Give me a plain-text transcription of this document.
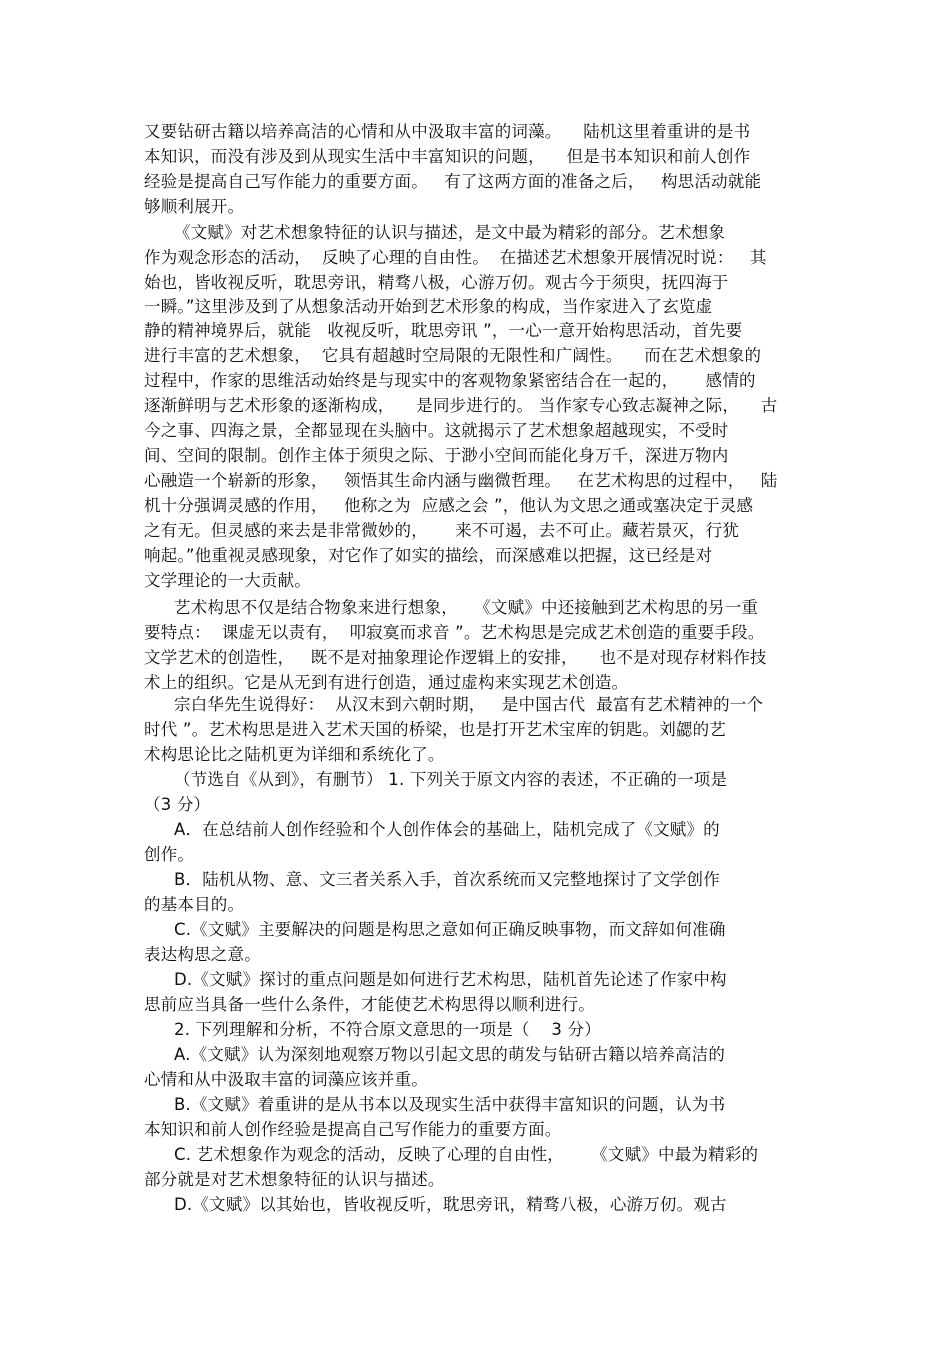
又要钻研古籍以培养高洁的心情和从中汲取丰富的词藻。    陆机这里着重讲的是书
本知识，而没有涉及到从现实生活中丰富知识的问题，    但是书本知识和前人创作
经验是提高自己写作能力的重要方面。   有了这两方面的准备之后，   构思活动就能
够顺利展开。
《文赋》对艺术想象特征的认识与描述，是文中最为精彩的部分。艺术想象
作为观念形态的活动，  反映了心理的自由性。  在描述艺术想象开展情况时说：   其
始也，皆收视反听，耽思旁讯，精骛八极，心游万仞。观古今于须臾，抚四海于
一瞬。”这里涉及到了从想象活动开始到艺术形象的构成，当作家进入了玄览虚
静的精神境界后，就能   收视反听，耽思旁讯 ”，一心一意开始构思活动，首先要
进行丰富的艺术想象，  它具有超越时空局限的无限性和广阔性。    而在艺术想象的
过程中，作家的思维活动始终是与现实中的客观物象紧密结合在一起的，     感情的
逐渐鲜明与艺术形象的逐渐构成，    是同步进行的。 当作家专心致志凝神之际，    古
今之事、四海之景，全都显现在头脑中。这就揭示了艺术想象超越现实，不受时
间、空间的限制。创作主体于须臾之际、于渺小空间而能化身万千，深进万物内
心融造一个崭新的形象，   领悟其生命内涵与幽微哲理。   在艺术构思的过程中，   陆
机十分强调灵感的作用，   他称之为  应感之会 ”，他认为文思之通或塞决定于灵感
之有无。但灵感的来去是非常微妙的，     来不可遏，去不可止。藏若景灭，行犹
响起。”他重视灵感现象，对它作了如实的描绘，而深感难以把握，这已经是对
文学理论的一大贡献。
艺术构思不仅是结合物象来进行想象，   《文赋》中还接触到艺术构思的另一重
要特点：  课虚无以责有，  叩寂寞而求音 ”。艺术构思是完成艺术创造的重要手段。
文学艺术的创造性，   既不是对抽象理论作逻辑上的安排，    也不是对现存材料作技
术上的组织。它是从无到有进行创造，通过虚构来实现艺术创造。
宗白华先生说得好：  从汉末到六朝时期，   是中国古代  最富有艺术精神的一个
时代 ”。艺术构思是进入艺术天国的桥梁，也是打开艺术宝库的钥匙。刘勰的艺
术构思论比之陆机更为详细和系统化了。
（节选自《从到》，有删节） 1. 下列关于原文内容的表述，不正确的一项是
（3 分）
A．在总结前人创作经验和个人创作体会的基础上，陆机完成了《文赋》的
创作。
B．陆机从物、意、文三者关系入手，首次系统而又完整地探讨了文学创作
的基本目的。
C.《文赋》主要解决的问题是构思之意如何正确反映事物，而文辞如何准确
表达构思之意。
D.《文赋》探讨的重点问题是如何进行艺术构思，陆机首先论述了作家中构
思前应当具备一些什么条件，才能使艺术构思得以顺利进行。
2. 下列理解和分析，不符合原文意思的一项是（    3 分）
A.《文赋》认为深刻地观察万物以引起文思的萌发与钻研古籍以培养高洁的
心情和从中汲取丰富的词藻应该并重。
B.《文赋》着重讲的是从书本以及现实生活中获得丰富知识的问题，认为书
本知识和前人创作经验是提高自己写作能力的重要方面。
C. 艺术想象作为观念的活动，反映了心理的自由性，     《文赋》中最为精彩的
部分就是对艺术想象特征的认识与描述。
D.《文赋》以其始也，皆收视反听，耽思旁讯，精骛八极，心游万仞。观古
